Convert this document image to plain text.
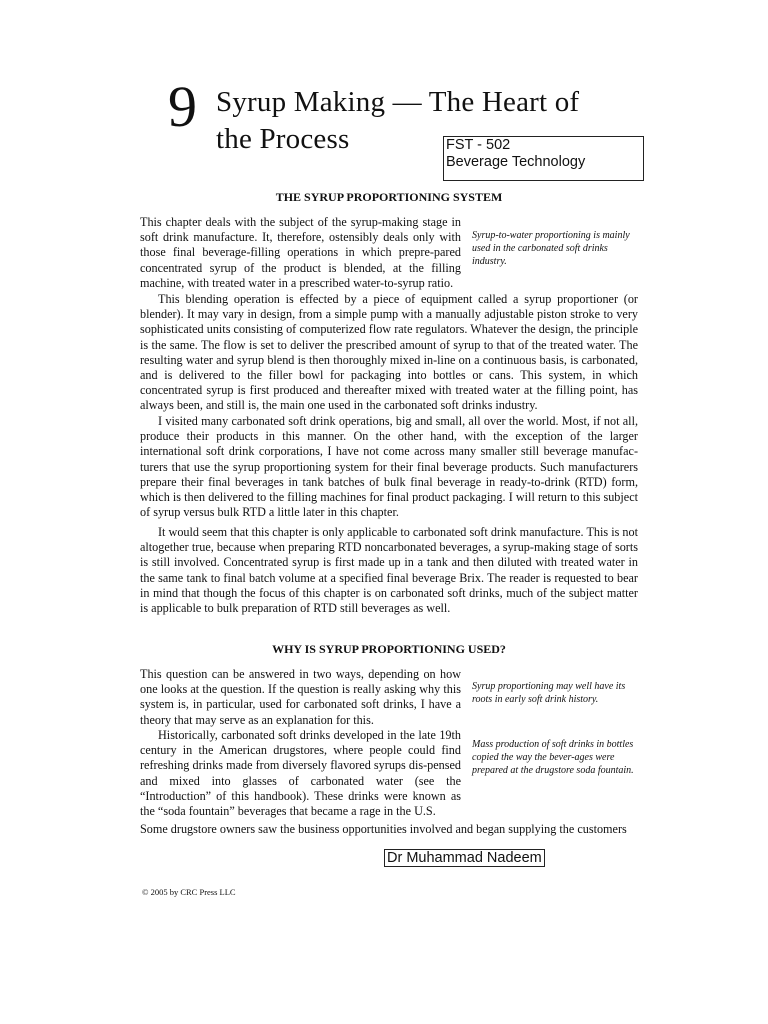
9 Syrup Making — The Heart of
the Process	FST - 502
Beverage Technology
THE SYRUP PROPORTIONING SYSTEM
This chapter deals with the subject of the syrup-making stage in soft drink manufacture. It, therefore, ostensibly deals only with those final beverage-filling operations in which prepre-pared concentrated syrup of the product is blended, at the filling machine, with treated water in a prescribed water-to-syrup ratio.
Syrup-to-water proportioning is mainly used in the carbonated soft drinks industry.
This blending operation is effected by a piece of equipment called a syrup proportioner (or blender). It may vary in design, from a simple pump with a manually adjustable piston stroke to very sophisticated units consisting of computerized flow rate regulators. Whatever the design, the principle is the same. The flow is set to deliver the prescribed amount of syrup to that of the treated water. The resulting water and syrup blend is then thoroughly mixed in-line on a continuous basis, is carbonated, and is delivered to the filler bowl for packaging into bottles or cans. This system, in which concentrated syrup is first produced and thereafter mixed with treated water at the filling point, has always been, and still is, the main one used in the carbonated soft drinks industry.
I visited many carbonated soft drink operations, big and small, all over the world. Most, if not all, produce their products in this manner. On the other hand, with the exception of the larger international soft drink corporations, I have not come across many smaller still beverage manufac-turers that use the syrup proportioning system for their final beverage products. Such manufacturers prepare their final beverages in tank batches of bulk final beverage in ready-to-drink (RTD) form, which is then delivered to the filling machines for final product packaging. I will return to this subject of syrup versus bulk RTD a little later in this chapter.
It would seem that this chapter is only applicable to carbonated soft drink manufacture. This is not altogether true, because when preparing RTD noncarbonated beverages, a syrup-making stage of sorts is still involved. Concentrated syrup is first made up in a tank and then diluted with treated water in the same tank to final batch volume at a specified final beverage Brix. The reader is requested to bear in mind that though the focus of this chapter is on carbonated soft drinks, much of the subject matter is applicable to bulk preparation of RTD still beverages as well.
WHY IS SYRUP PROPORTIONING USED?
This question can be answered in two ways, depending on how one looks at the question. If the question is really asking why this system is, in particular, used for carbonated soft drinks, I have a theory that may serve as an explanation for this.
Syrup proportioning may well have its roots in early soft drink history.
Historically, carbonated soft drinks developed in the late 19th century in the American drugstores, where people could find refreshing drinks made from diversely flavored syrups dis-pensed and mixed into glasses of carbonated water (see the “Introduction” of this handbook). These drinks were known as the “soda fountain” beverages that became a rage in the U.S.
Mass production of soft drinks in bottles copied the way the bever-ages were prepared at the drugstore soda fountain.
Some drugstore owners saw the business opportunities involved and began supplying the customers
Dr Muhammad Nadeem
© 2005 by CRC Press LLC
